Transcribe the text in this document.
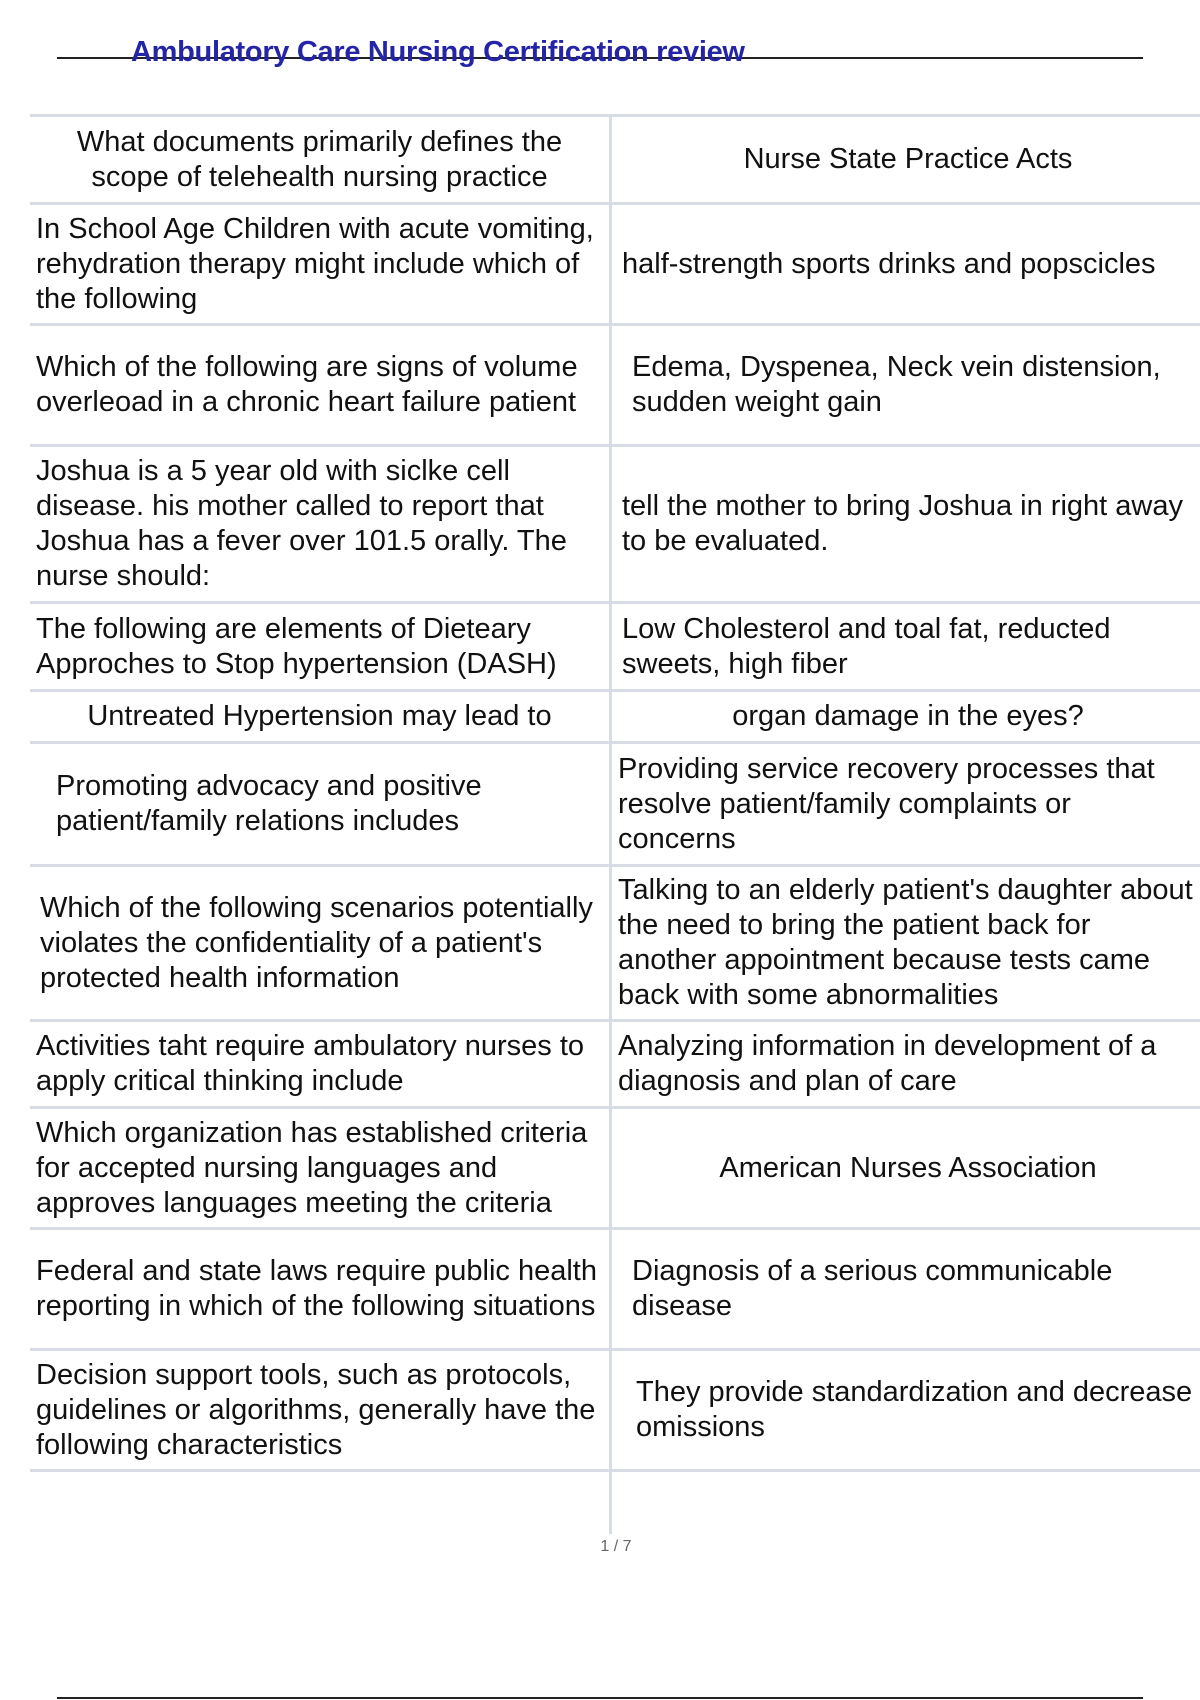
Ambulatory Care Nursing Certification review
What documents primarily defines the scope of telehealth nursing practice
Nurse State Practice Acts
In School Age Children with acute vomiting, rehydration therapy might include which of the following
half-strength sports drinks and popscicles
Which of the following are signs of volume overleoad in a chronic heart failure patient
Edema, Dyspenea, Neck vein distension, sudden weight gain
Joshua is a 5 year old with siclke cell disease. his mother called to report that Joshua has a fever over 101.5 orally. The nurse should:
tell the mother to bring Joshua in right away to be evaluated.
The following are elements of Dieteary Approches to Stop hypertension (DASH)
Low Cholesterol and toal fat, reducted sweets, high fiber
Untreated Hypertension may lead to	organ damage in the eyes?
Promoting advocacy and positive patient/family relations includes
Providing service recovery processes that resolve patient/family complaints or concerns
Which of the following scenarios potentially violates the confidentiality of a patient's protected health information
Talking to an elderly patient's daughter about the need to bring the patient back for another appointment because tests came back with some abnormalities
Activities taht require ambulatory nurses to apply critical thinking include
Analyzing information in development of a diagnosis and plan of care
Which organization has established criteria for accepted nursing languages and approves languages meeting the criteria
American Nurses Association
Federal and state laws require public health reporting in which of the following situations
Diagnosis of a serious communicable disease
Decision support tools, such as protocols, guidelines or algorithms, generally have the following characteristics
They provide standardization and decrease omissions
1 / 7
